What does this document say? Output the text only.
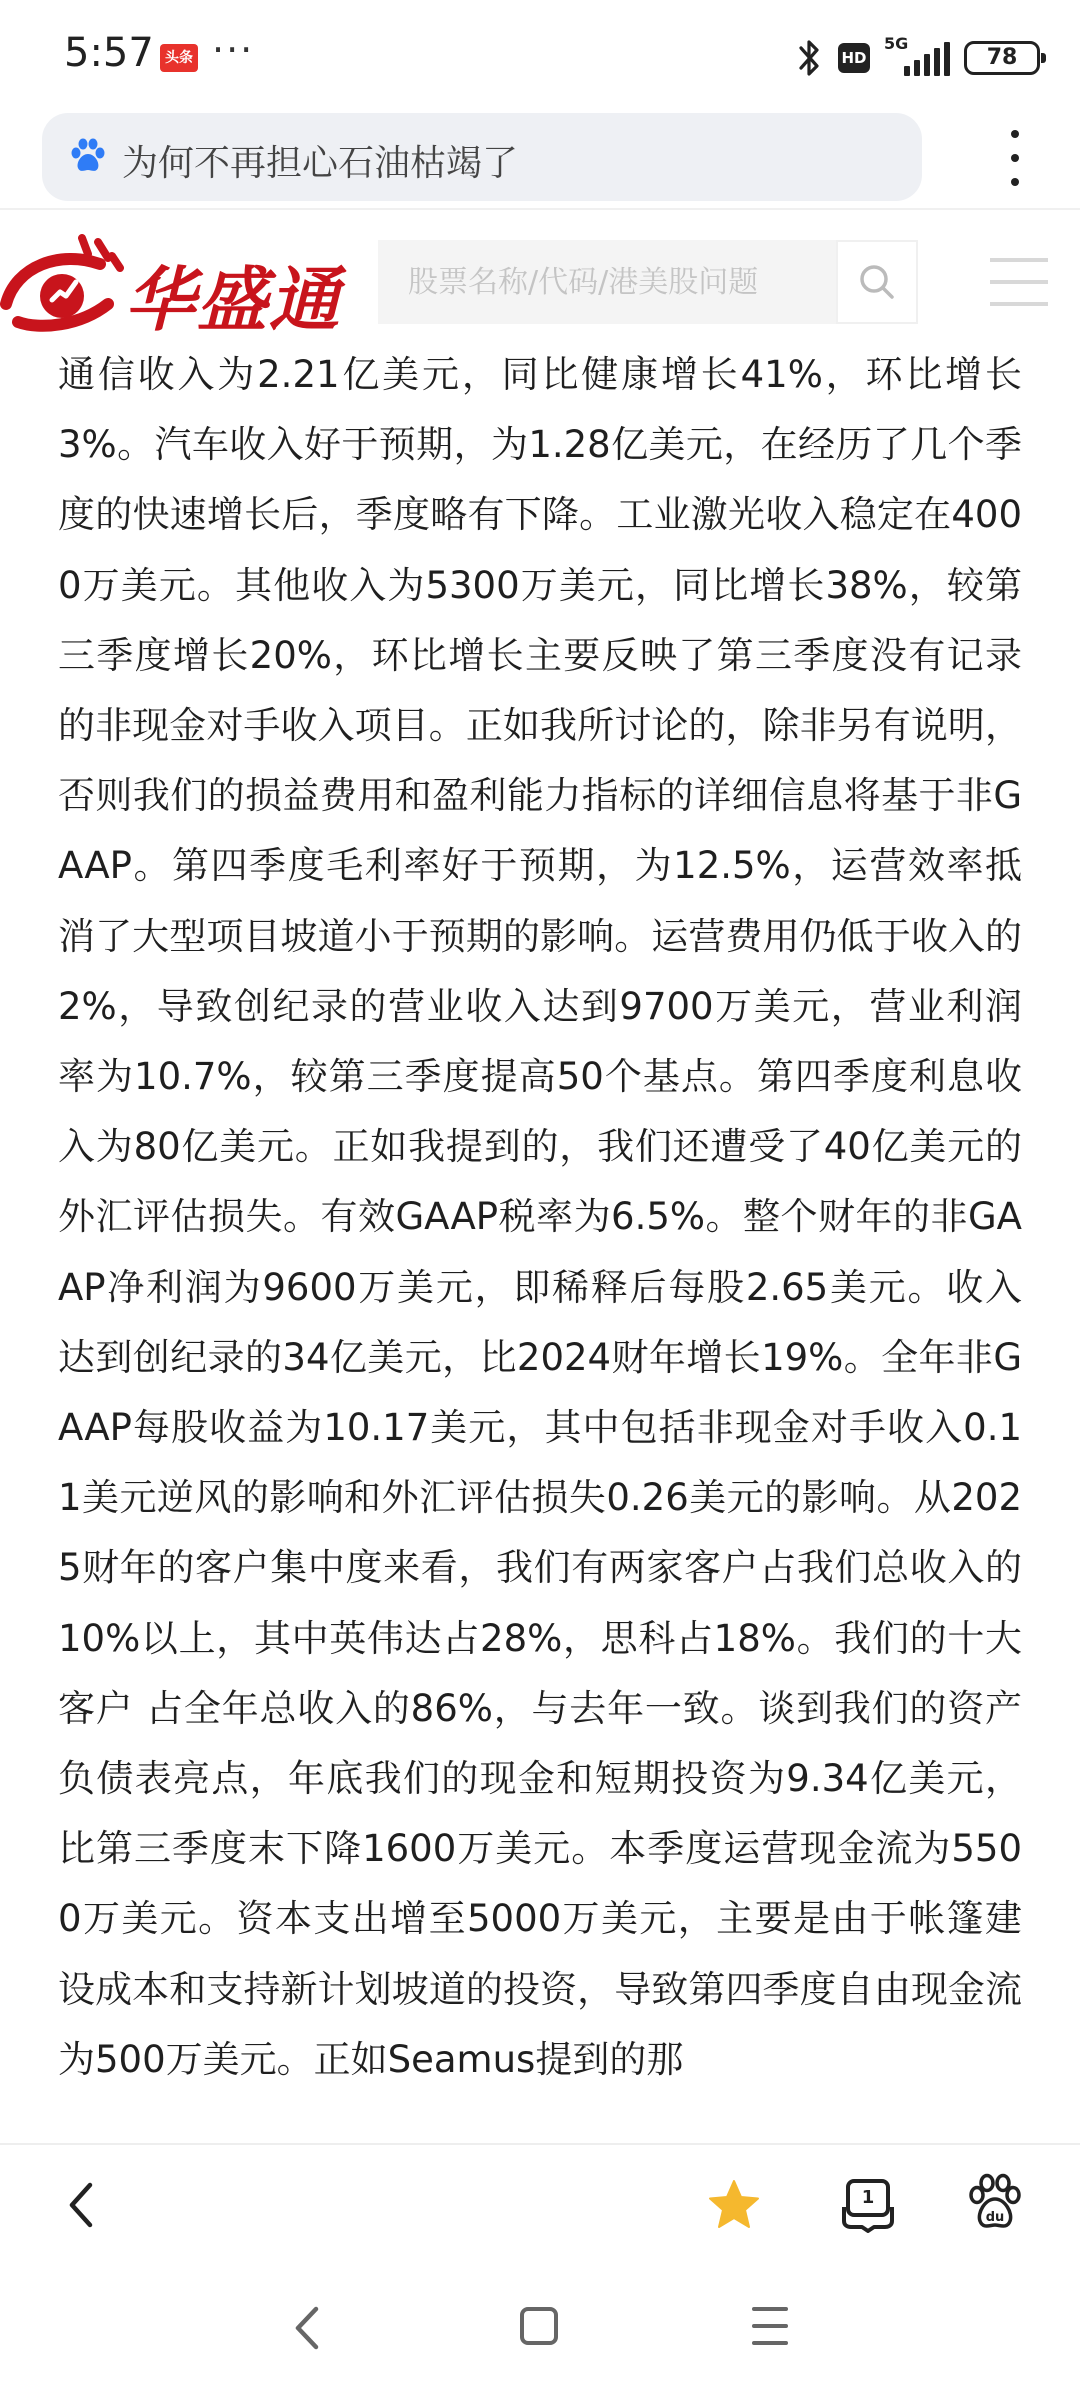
5:57 头条 ···	HD
5G
78
为何不再担心石油枯竭了
华盛通
股票名称/代码/港美股问题
通信收入为2.21亿美元，同比健康增长41%，环比增长3%。汽车收入好于预期，为1.28亿美元，在经历了几个季度的快速增长后，季度略有下降。工业激光收入稳定在4000万美元。其他收入为5300万美元，同比增长38%，较第三季度增长20%，环比增长主要反映了第三季度没有记录的非现金对手收入项目。正如我所讨论的，除非另有说明，否则我们的损益费用和盈利能力指标的详细信息将基于非GAAP。第四季度毛利率好于预期，为12.5%，运营效率抵消了大型项目坡道小于预期的影响。运营费用仍低于收入的2%，导致创纪录的营业收入达到9700万美元，营业利润率为10.7%，较第三季度提高50个基点。第四季度利息收入为80亿美元。正如我提到的，我们还遭受了40亿美元的外汇评估损失。有效GAAP税率为6.5%。整个财年的非GAAP净利润为9600万美元，即稀释后每股2.65美元。收入达到创纪录的34亿美元，比2024财年增长19%。全年非GAAP每股收益为10.17美元，其中包括非现金对手收入0.11美元逆风的影响和外汇评估损失0.26美元的影响。从2025财年的客户集中度来看，我们有两家客户占我们总收入的10%以上，其中英伟达占28%，思科占18%。我们的十大客户 占全年总收入的86%，与去年一致。谈到我们的资产负债表亮点，年底我们的现金和短期投资为9.34亿美元，比第三季度末下降1600万美元。本季度运营现金流为5500万美元。资本支出增至5000万美元，主要是由于帐篷建设成本和支持新计划坡道的投资，导致第四季度自由现金流为500万美元。正如Seamus提到的那
1
du
